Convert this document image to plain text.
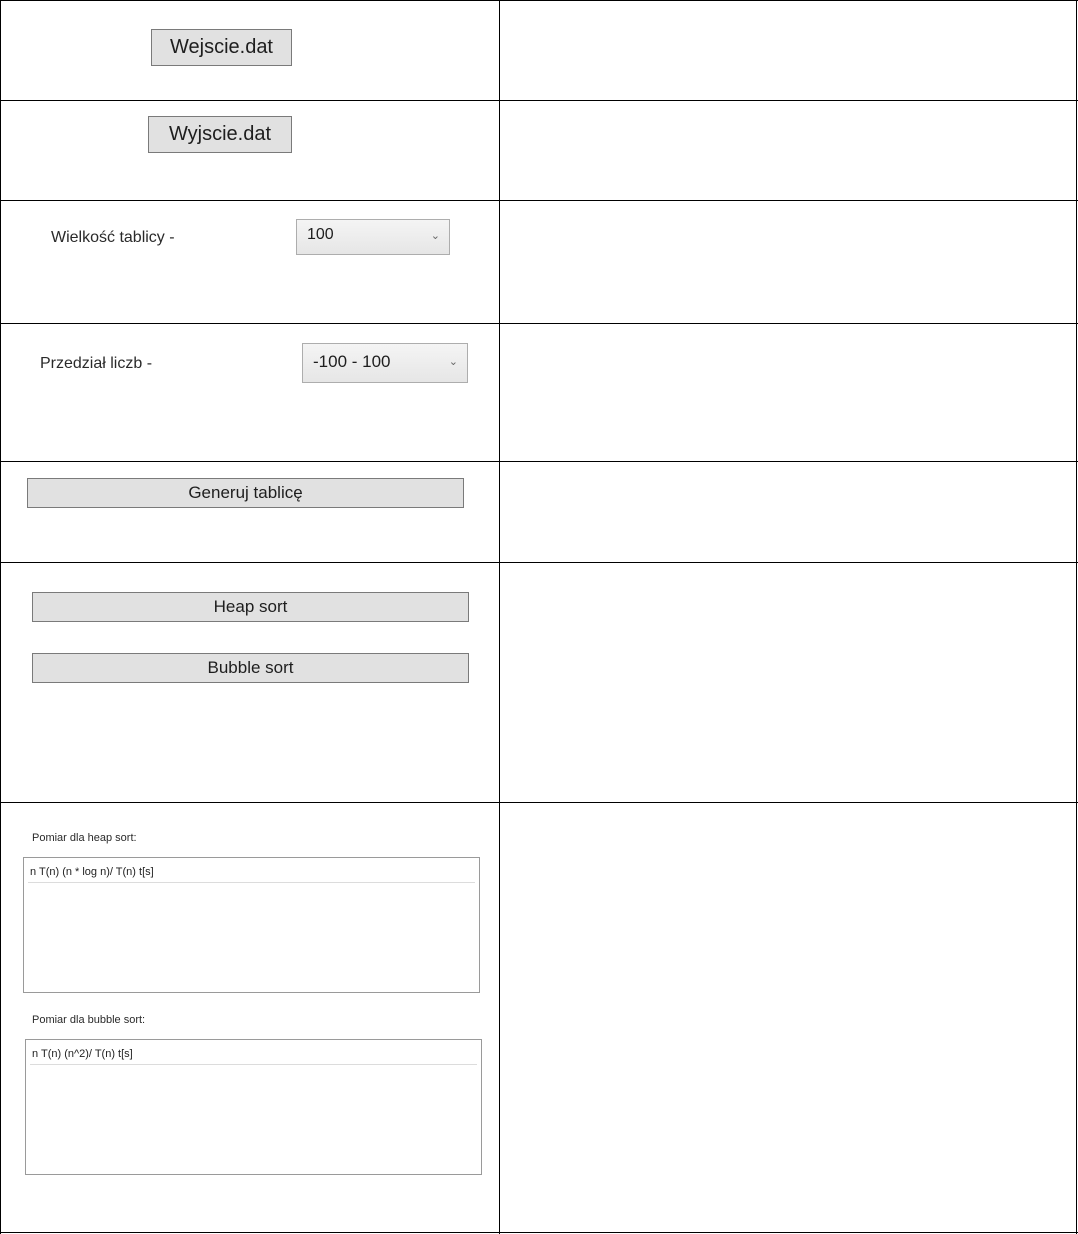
Wejscie.dat
Wyjscie.dat
Wielkość tablicy -	100	⌄
Przedział liczb -	-100 - 100	⌄
Generuj tablicę
Heap sort
Bubble sort
Pomiar dla heap sort:
n T(n) (n * log n)/ T(n) t[s]
Pomiar dla bubble sort:
n T(n) (n^2)/ T(n) t[s]
